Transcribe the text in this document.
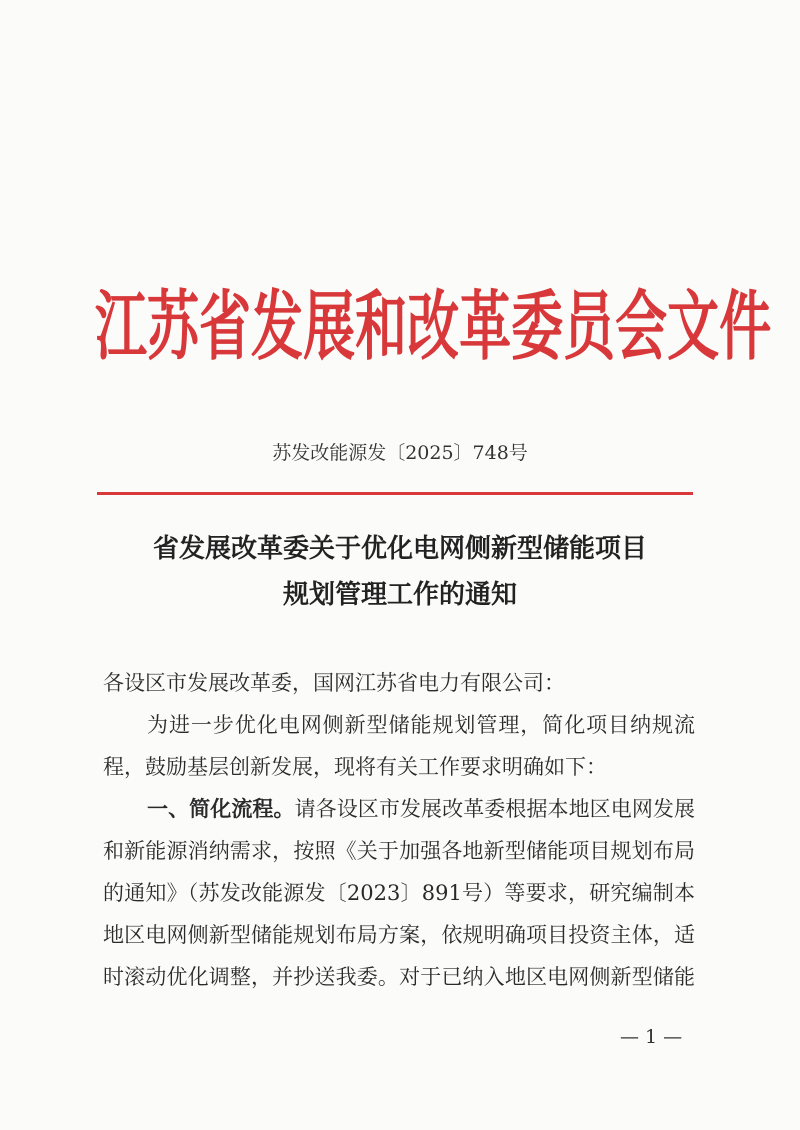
江 苏 省 发 展 和 改 革 委 员 会 文 件
苏发改能源发〔2025〕748号
省发展改革委关于优化电网侧新型储能项目
规划管理工作的通知
各设区市发展改革委，国网江苏省电力有限公司：
为进一步优化电网侧新型储能规划管理，简化项目纳规流
程，鼓励基层创新发展，现将有关工作要求明确如下：
一、简化流程。请各设区市发展改革委根据本地区电网发展
和新能源消纳需求，按照《关于加强各地新型储能项目规划布局
的通知》（苏发改能源发〔2023〕891号）等要求，研究编制本
地区电网侧新型储能规划布局方案，依规明确项目投资主体，适
时滚动优化调整，并抄送我委。对于已纳入地区电网侧新型储能
— 1 —
